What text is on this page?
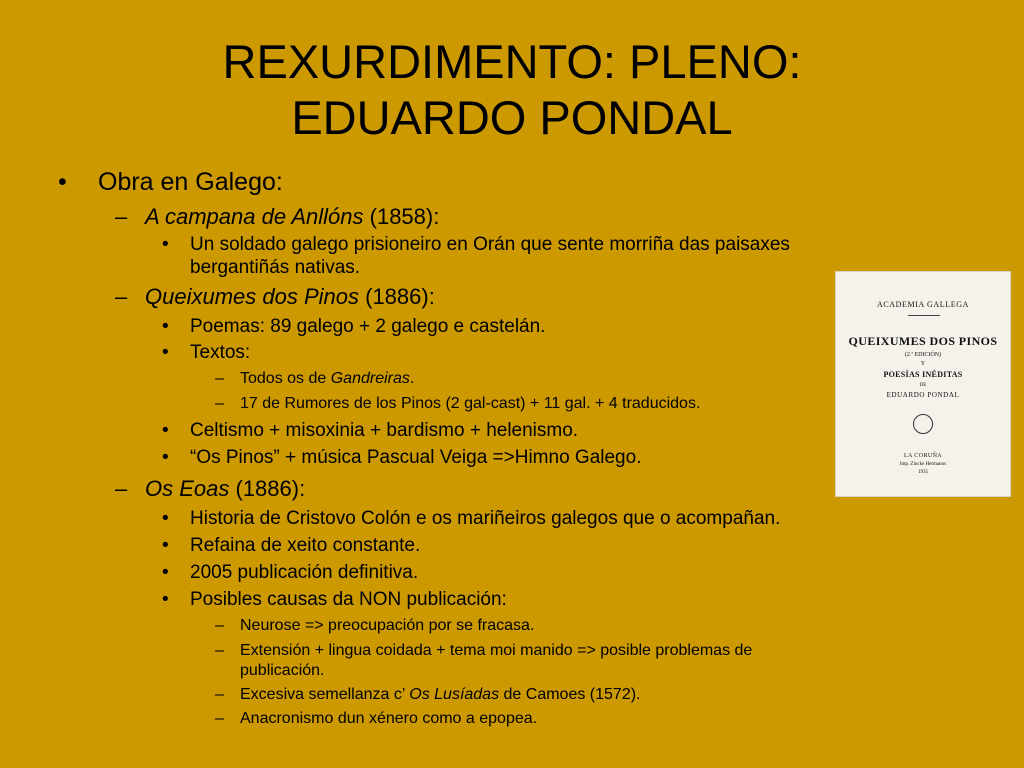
REXURDIMENTO: PLENO:
EDUARDO PONDAL
• Obra en Galego:
– A campana de Anllóns (1858):
• Un soldado galego prisioneiro en Orán que sente morriña das paisaxes
bergantiñás nativas.
– Queixumes dos Pinos (1886):
• Poemas: 89 galego + 2 galego e castelán.
• Textos:
– Todos os de Gandreiras.
– 17 de Rumores de los Pinos (2 gal-cast) + 11 gal. + 4 traducidos.
• Celtismo + misoxinia + bardismo + helenismo.
• “Os Pinos” + música Pascual Veiga =>Himno Galego.
– Os Eoas (1886):
• Historia de Cristovo Colón e os mariñeiros galegos que o acompañan.
• Refaina de xeito constante.
• 2005 publicación definitiva.
• Posibles causas da NON publicación:
– Neurose => preocupación por se fracasa.
– Extensión + lingua coidada + tema moi manido => posible problemas de
publicación.
– Excesiva semellanza c’ Os Lusíadas de Camoes (1572).
– Anacronismo dun xénero como a epopea.
ACADEMIA GALLEGA
QUEIXUMES DOS PINOS
(2.ª EDICIÓN)
Y
POESÍAS INÉDITAS
DE
EDUARDO PONDAL
LA CORUÑA
Imp. Zincke Hermanos
1935
